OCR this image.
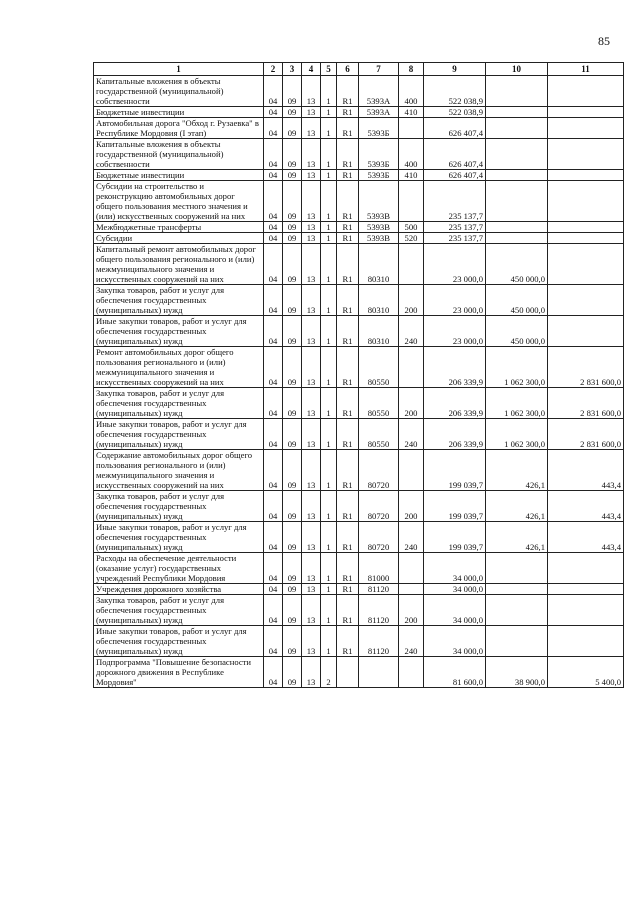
85
1	2	3	4	5	6	7	8	9	10	11
Капитальные вложения в объекты государственной (муниципальной) собственности	04	09	13	1	R1	5393А	400	522 038,9		
Бюджетные инвестиции	04	09	13	1	R1	5393А	410	522 038,9		
Автомобильная дорога "Обход г. Рузаевка" в Республике Мордовия (I этап)	04	09	13	1	R1	5393Б		626 407,4		
Капитальные вложения в объекты государственной (муниципальной) собственности	04	09	13	1	R1	5393Б	400	626 407,4		
Бюджетные инвестиции	04	09	13	1	R1	5393Б	410	626 407,4		
Субсидии на строительство и реконструкцию автомобильных дорог общего пользования местного значения и (или) искусственных сооружений на них	04	09	13	1	R1	5393В		235 137,7		
Межбюджетные трансферты	04	09	13	1	R1	5393В	500	235 137,7		
Субсидии	04	09	13	1	R1	5393В	520	235 137,7		
Капитальный ремонт автомобильных дорог общего пользования регионального и (или) межмуниципального значения и искусственных сооружений на них	04	09	13	1	R1	80310		23 000,0	450 000,0	
Закупка товаров, работ и услуг для обеспечения государственных (муниципальных) нужд	04	09	13	1	R1	80310	200	23 000,0	450 000,0	
Иные закупки товаров, работ и услуг для обеспечения государственных (муниципальных) нужд	04	09	13	1	R1	80310	240	23 000,0	450 000,0	
Ремонт автомобильных дорог общего пользования регионального и (или) межмуниципального значения и искусственных сооружений на них	04	09	13	1	R1	80550		206 339,9	1 062 300,0	2 831 600,0
Закупка товаров, работ и услуг для обеспечения государственных (муниципальных) нужд	04	09	13	1	R1	80550	200	206 339,9	1 062 300,0	2 831 600,0
Иные закупки товаров, работ и услуг для обеспечения государственных (муниципальных) нужд	04	09	13	1	R1	80550	240	206 339,9	1 062 300,0	2 831 600,0
Содержание автомобильных дорог общего пользования регионального и (или) межмуниципального значения и искусственных сооружений на них	04	09	13	1	R1	80720		199 039,7	426,1	443,4
Закупка товаров, работ и услуг для обеспечения государственных (муниципальных) нужд	04	09	13	1	R1	80720	200	199 039,7	426,1	443,4
Иные закупки товаров, работ и услуг для обеспечения государственных (муниципальных) нужд	04	09	13	1	R1	80720	240	199 039,7	426,1	443,4
Расходы на обеспечение деятельности (оказание услуг) государственных учреждений Республики Мордовия	04	09	13	1	R1	81000		34 000,0		
Учреждения дорожного хозяйства	04	09	13	1	R1	81120		34 000,0		
Закупка товаров, работ и услуг для обеспечения государственных (муниципальных) нужд	04	09	13	1	R1	81120	200	34 000,0		
Иные закупки товаров, работ и услуг для обеспечения государственных (муниципальных) нужд	04	09	13	1	R1	81120	240	34 000,0		
Подпрограмма "Повышение безопасности дорожного движения в Республике Мордовия"	04	09	13	2				81 600,0	38 900,0	5 400,0
